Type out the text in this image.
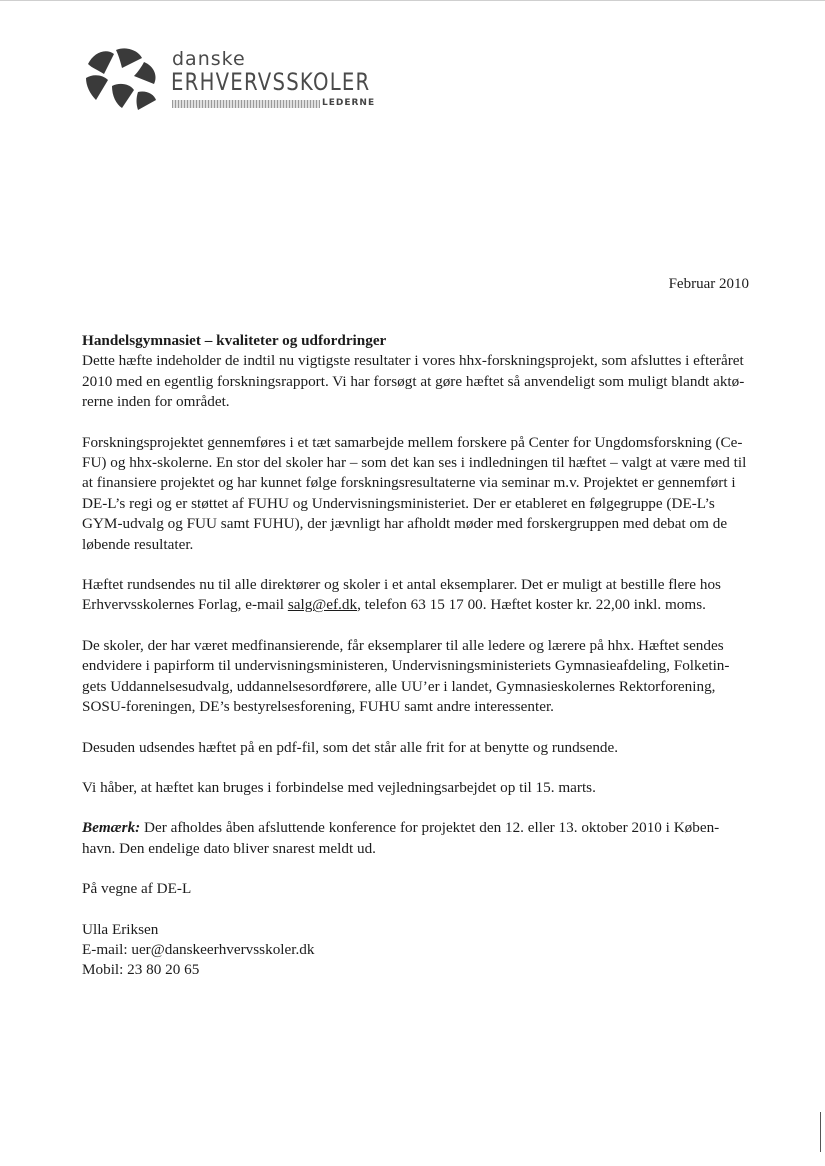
danske
ERHVERVSSKOLER
LEDERNE
Februar 2010

Handelsgymnasiet – kvaliteter og udfordringer
Dette hæfte indeholder de indtil nu vigtigste resultater i vores hhx-forskningsprojekt, som afsluttes i efteråret
2010 med en egentlig forskningsrapport. Vi har forsøgt at gøre hæftet så anvendeligt som muligt blandt aktø-
rerne inden for området.

Forskningsprojektet gennemføres i et tæt samarbejde mellem forskere på Center for Ungdomsforskning (Ce-
FU) og hhx-skolerne. En stor del skoler har – som det kan ses i indledningen til hæftet – valgt at være med til
at finansiere projektet og har kunnet følge forskningsresultaterne via seminar m.v. Projektet er gennemført i
DE-L’s regi og er støttet af FUHU og Undervisningsministeriet. Der er etableret en følgegruppe (DE-L’s
GYM-udvalg og FUU samt FUHU), der jævnligt har afholdt møder med forskergruppen med debat om de
løbende resultater.

Hæftet rundsendes nu til alle direktører og skoler i et antal eksemplarer. Det er muligt at bestille flere hos
Erhvervsskolernes Forlag, e-mail salg@ef.dk, telefon 63 15 17 00. Hæftet koster kr. 22,00 inkl. moms.

De skoler, der har været medfinansierende, får eksemplarer til alle ledere og lærere på hhx. Hæftet sendes
endvidere i papirform til undervisningsministeren, Undervisningsministeriets Gymnasieafdeling, Folketin-
gets Uddannelsesudvalg, uddannelsesordførere, alle UU’er i landet, Gymnasieskolernes Rektorforening,
SOSU-foreningen, DE’s bestyrelsesforening, FUHU samt andre interessenter.

Desuden udsendes hæftet på en pdf-fil, som det står alle frit for at benytte og rundsende.

Vi håber, at hæftet kan bruges i forbindelse med vejledningsarbejdet op til 15. marts.

Bemærk: Der afholdes åben afsluttende konference for projektet den 12. eller 13. oktober 2010 i Køben-
havn. Den endelige dato bliver snarest meldt ud.

På vegne af DE-L

Ulla Eriksen
E-mail: uer@danskeerhvervsskoler.dk
Mobil: 23 80 20 65
